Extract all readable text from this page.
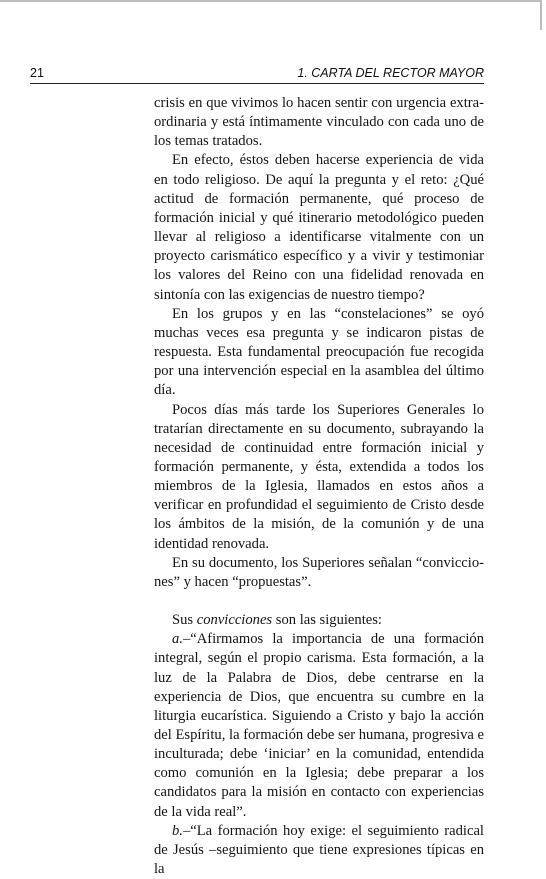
21	1. CARTA DEL RECTOR MAYOR

crisis en que vivimos lo hacen sentir con urgencia extraordinaria y está íntimamente vinculado con cada uno de los temas tratados.

En efecto, éstos deben hacerse experiencia de vida en todo religioso. De aquí la pregunta y el reto: ¿Qué actitud de formación permanente, qué proceso de formación inicial y qué itinerario metodológico pueden llevar al religioso a identificarse vitalmente con un proyecto carismático específico y a vivir y testimoniar los valores del Reino con una fidelidad renovada en sintonía con las exigencias de nuestro tiempo?

En los grupos y en las “constelaciones” se oyó muchas veces esa pregunta y se indicaron pistas de respuesta. Esta fundamental preocupación fue recogida por una intervención especial en la asamblea del último día.

Pocos días más tarde los Superiores Generales lo tratarían directamente en su documento, subrayando la necesidad de continuidad entre formación inicial y formación permanente, y ésta, extendida a todos los miembros de la Iglesia, llamados en estos años a verificar en profundidad el seguimiento de Cristo desde los ámbitos de la misión, de la comunión y de una identidad renovada.

En su documento, los Superiores señalan “convicciones” y hacen “propuestas”.

Sus convicciones son las siguientes:

a.–“Afirmamos la importancia de una formación integral, según el propio carisma. Esta formación, a la luz de la Palabra de Dios, debe centrarse en la experiencia de Dios, que encuentra su cumbre en la liturgia eucarística. Siguiendo a Cristo y bajo la acción del Espíritu, la formación debe ser humana, progresiva e inculturada; debe ‘iniciar’ en la comunidad, entendida como comunión en la Iglesia; debe preparar a los candidatos para la misión en contacto con experiencias de la vida real”.

b.–“La formación hoy exige: el seguimiento radical de Jesús –seguimiento que tiene expresiones típicas en la
